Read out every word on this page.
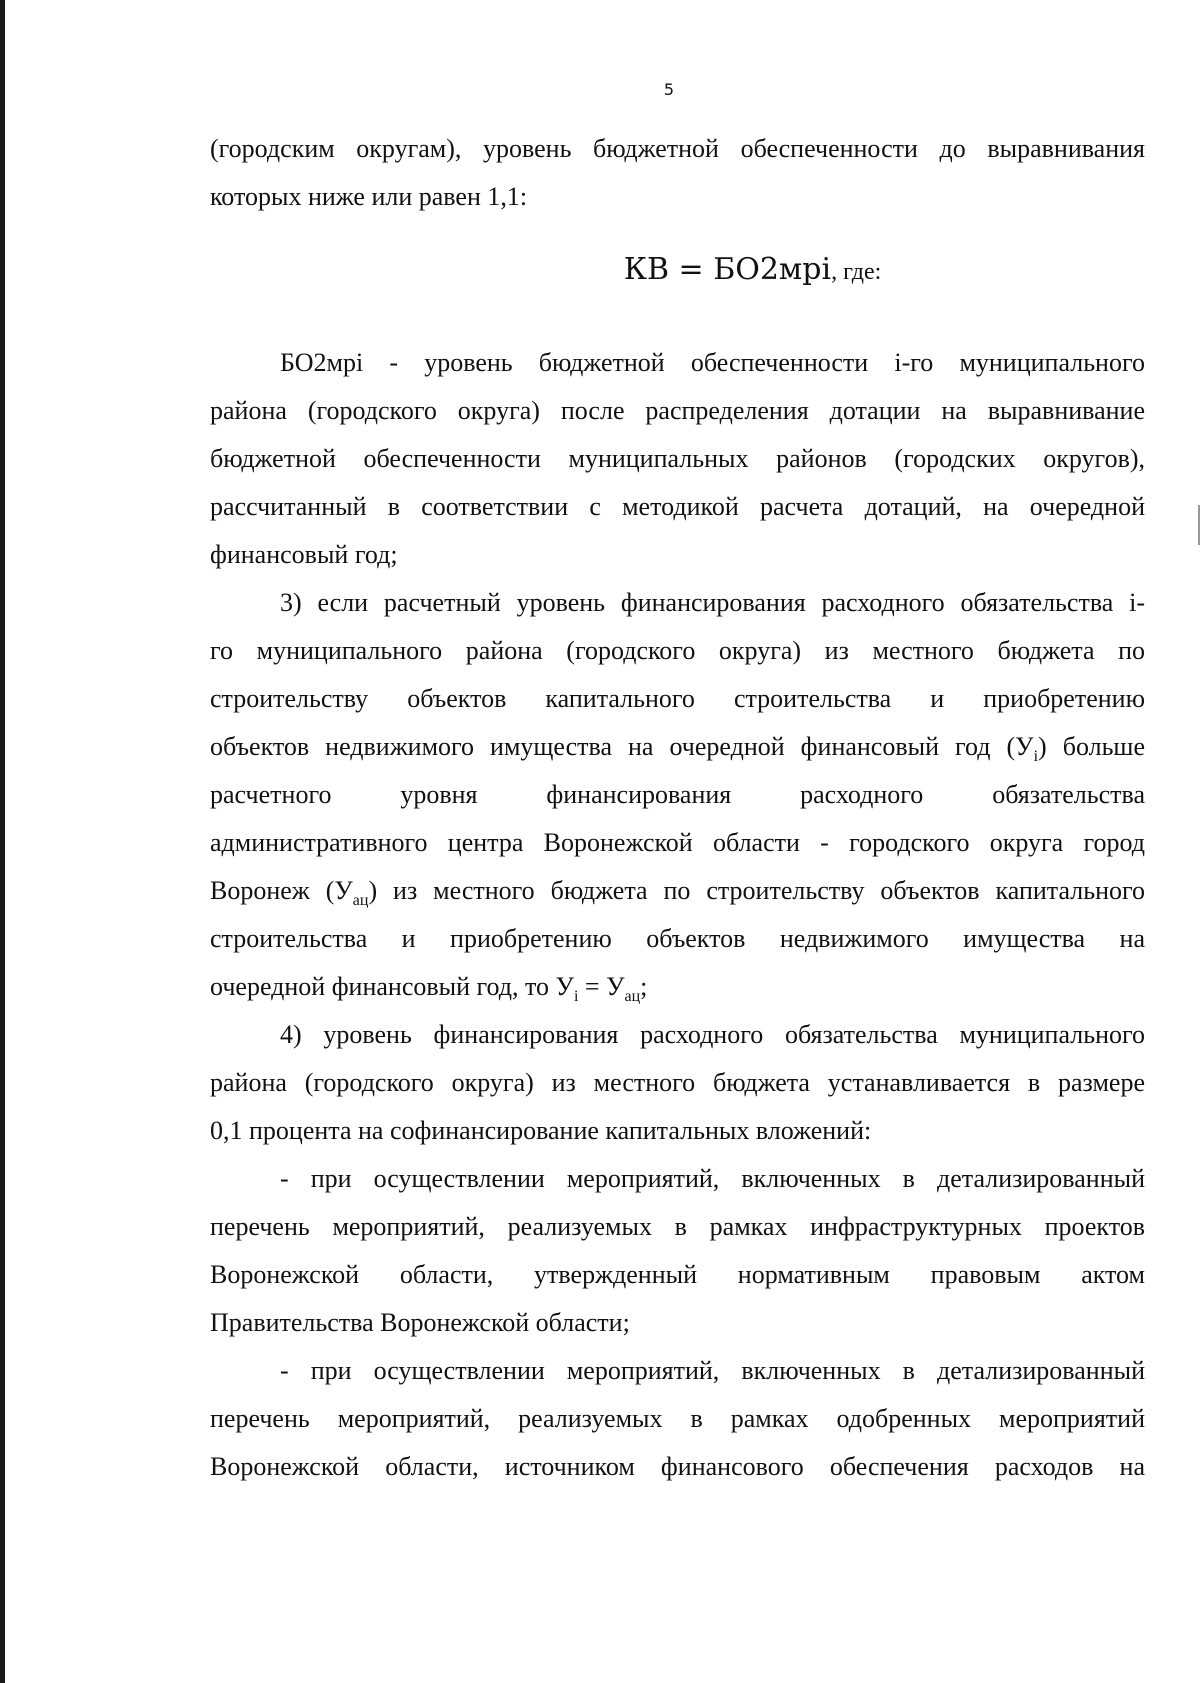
5

(городским округам), уровень бюджетной обеспеченности до выравнивания

которых ниже или равен 1,1:

КВ = БО2мрi, где:

БО2мрi - уровень бюджетной обеспеченности i-го муниципального

района (городского округа) после распределения дотации на выравнивание

бюджетной обеспеченности муниципальных районов (городских округов),

рассчитанный в соответствии с методикой расчета дотаций, на очередной

финансовый год;

3) если расчетный уровень финансирования расходного обязательства i-

го муниципального района (городского округа) из местного бюджета по

строительству объектов капитального строительства и приобретению

объектов недвижимого имущества на очередной финансовый год $(У_i)$ больше

расчетного	уровня	финансирования	расходного	обязательства

административного центра Воронежской области - городского округа город

Воронеж $(У_{ац})$ из местного бюджета по строительству объектов капитального

строительства и приобретению объектов недвижимого имущества на

очередной финансовый год, то $У_i = У_{ац}$;

4) уровень финансирования расходного обязательства муниципального

района (городского округа) из местного бюджета устанавливается в размере

0,1 процента на софинансирование капитальных вложений:

- при осуществлении мероприятий, включенных в детализированный

перечень мероприятий, реализуемых в рамках инфраструктурных проектов

Воронежской области, утвержденный нормативным правовым актом

Правительства Воронежской области;

- при осуществлении мероприятий, включенных в детализированный

перечень мероприятий, реализуемых в рамках одобренных мероприятий

Воронежской области, источником финансового обеспечения расходов на
